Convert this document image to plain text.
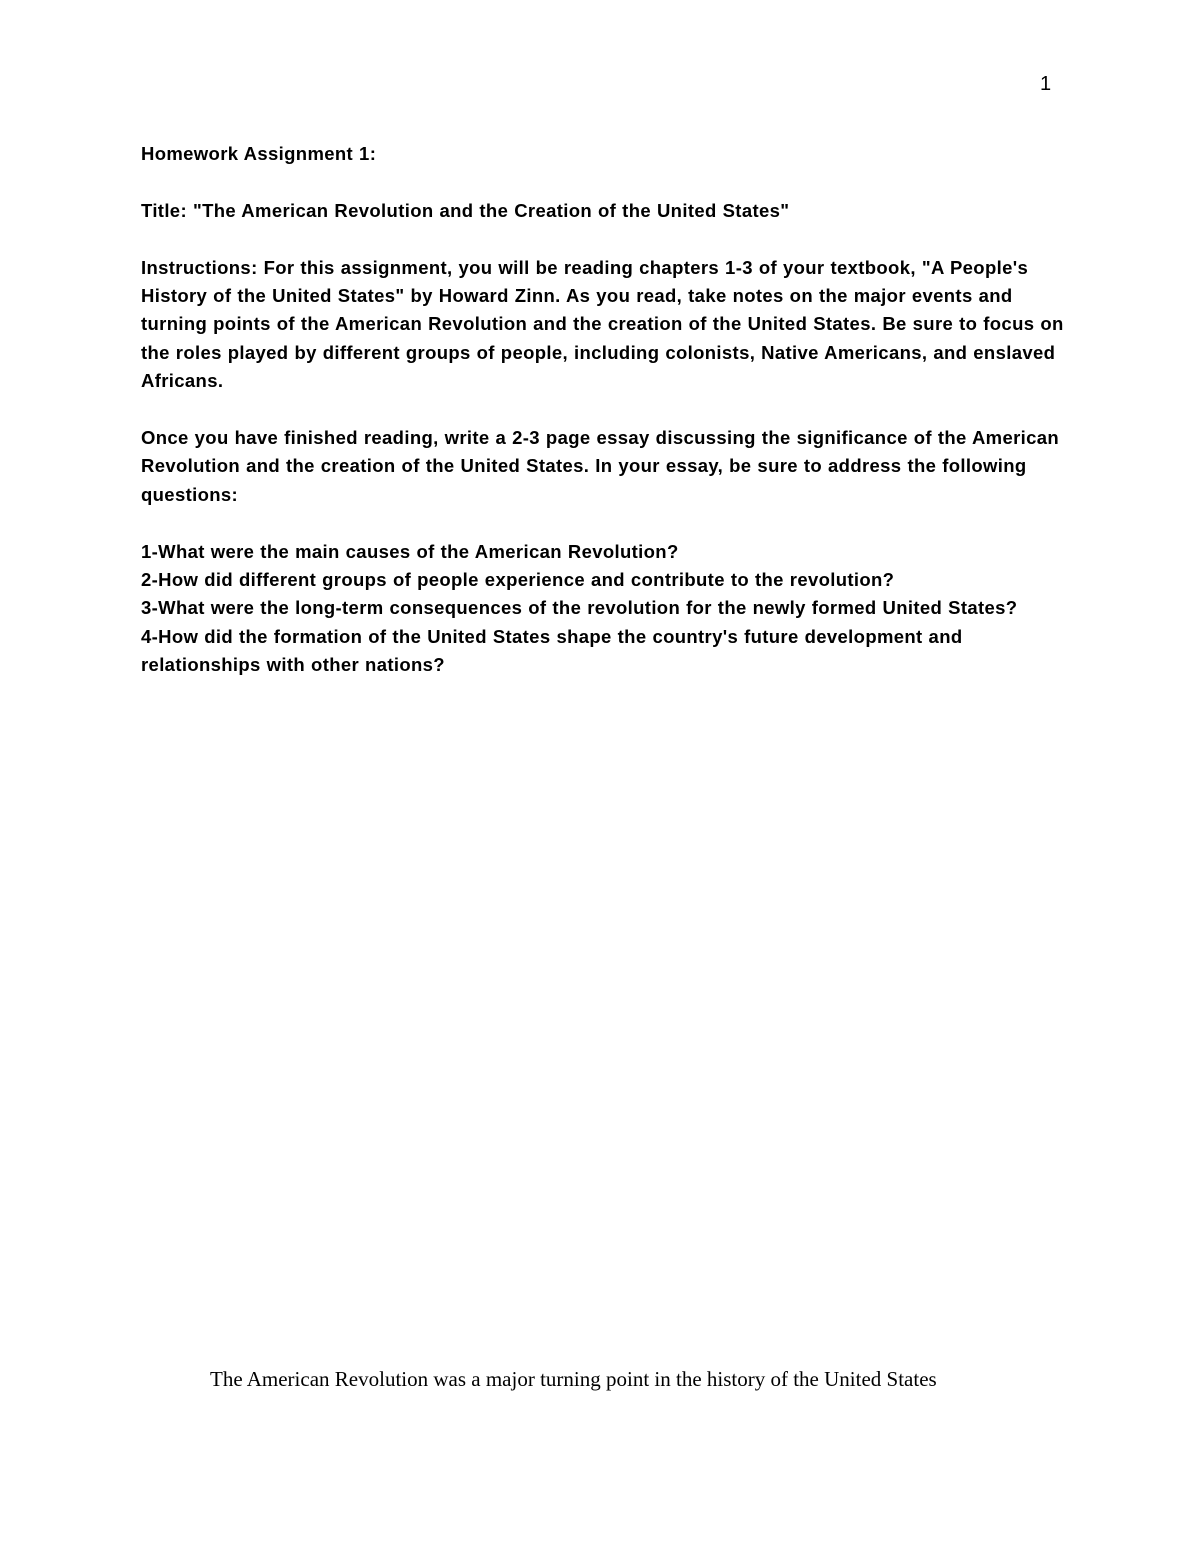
1

Homework Assignment 1:

Title: "The American Revolution and the Creation of the United States"

Instructions: For this assignment, you will be reading chapters 1-3 of your textbook, "A People's History of the United States" by Howard Zinn. As you read, take notes on the major events and turning points of the American Revolution and the creation of the United States. Be sure to focus on the roles played by different groups of people, including colonists, Native Americans, and enslaved Africans.

Once you have finished reading, write a 2-3 page essay discussing the significance of the American Revolution and the creation of the United States. In your essay, be sure to address the following questions:

1-What were the main causes of the American Revolution?
2-How did different groups of people experience and contribute to the revolution?
3-What were the long-term consequences of the revolution for the newly formed United States?
4-How did the formation of the United States shape the country's future development and relationships with other nations?
The American Revolution was a major turning point in the history of the United States
